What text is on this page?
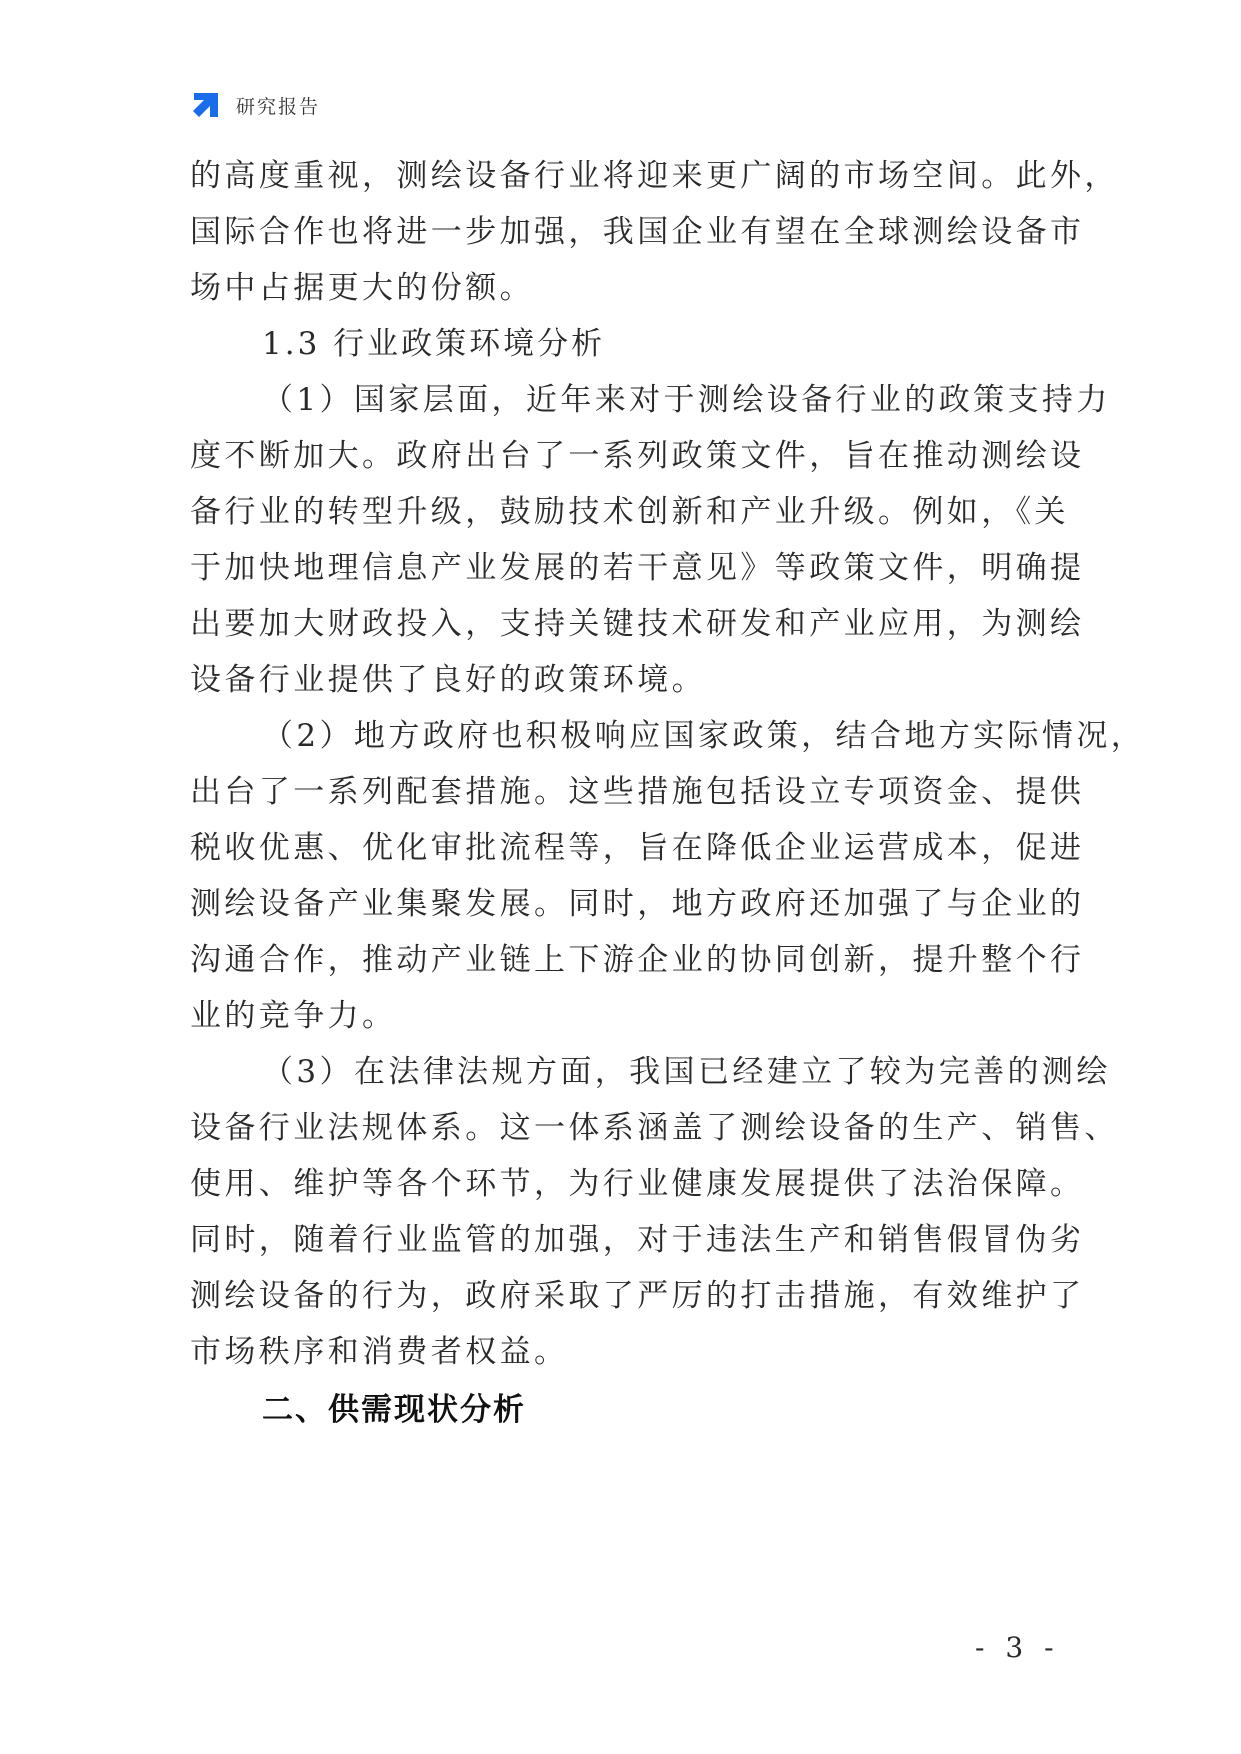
研究报告
的高度重视，测绘设备行业将迎来更广阔的市场空间。此外，
国际合作也将进一步加强，我国企业有望在全球测绘设备市
场中占据更大的份额。
1.3 行业政策环境分析
（1）国家层面，近年来对于测绘设备行业的政策支持力
度不断加大。政府出台了一系列政策文件，旨在推动测绘设
备行业的转型升级，鼓励技术创新和产业升级。例如，《关
于加快地理信息产业发展的若干意见》等政策文件，明确提
出要加大财政投入，支持关键技术研发和产业应用，为测绘
设备行业提供了良好的政策环境。
（2）地方政府也积极响应国家政策，结合地方实际情况，
出台了一系列配套措施。这些措施包括设立专项资金、提供
税收优惠、优化审批流程等，旨在降低企业运营成本，促进
测绘设备产业集聚发展。同时，地方政府还加强了与企业的
沟通合作，推动产业链上下游企业的协同创新，提升整个行
业的竞争力。
（3）在法律法规方面，我国已经建立了较为完善的测绘
设备行业法规体系。这一体系涵盖了测绘设备的生产、销售、
使用、维护等各个环节，为行业健康发展提供了法治保障。
同时，随着行业监管的加强，对于违法生产和销售假冒伪劣
测绘设备的行为，政府采取了严厉的打击措施，有效维护了
市场秩序和消费者权益。
二、供需现状分析
- 3 -
